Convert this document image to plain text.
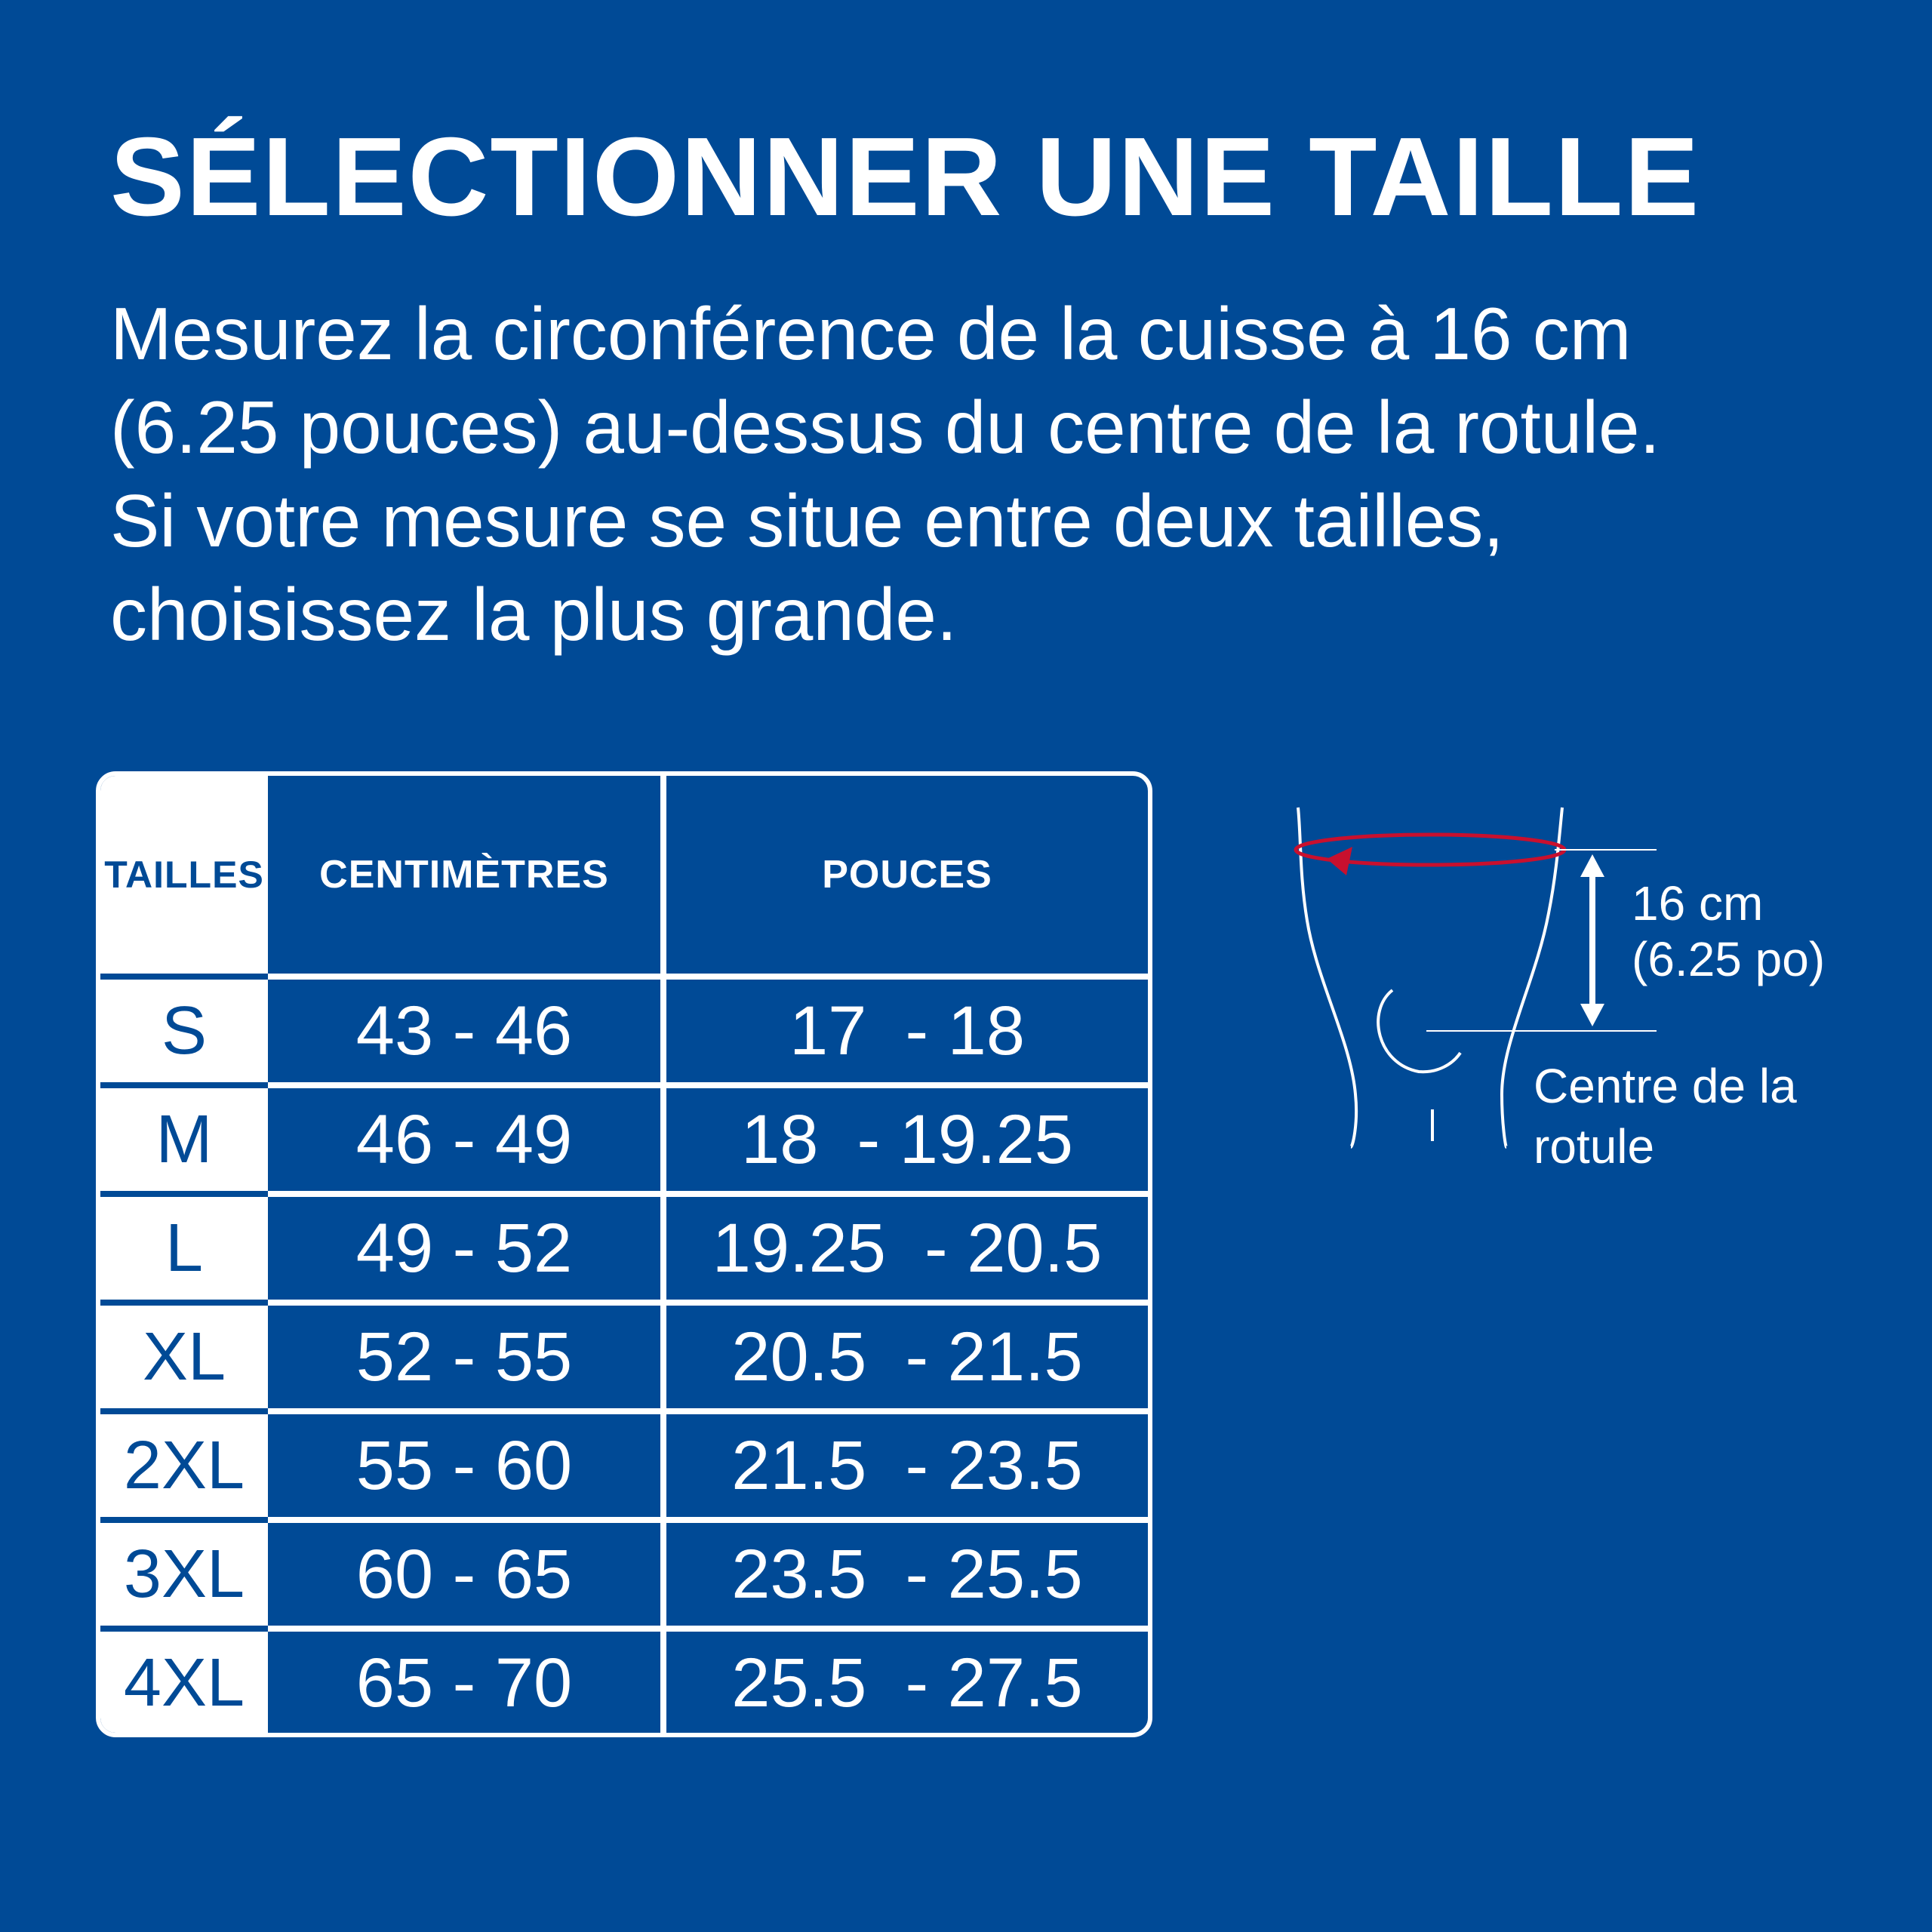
SÉLECTIONNER UNE TAILLE

Mesurez la circonférence de la cuisse à 16 cm
(6.25 pouces) au-dessus du centre de la rotule.
Si votre mesure se situe entre deux tailles,
choisissez la plus grande.

TAILLES	CENTIMÈTRES	POUCES
S	43 - 46	17  - 18
M	46 - 49	18  - 19.25
L	49 - 52	19.25  - 20.5
XL	52 - 55	20.5  - 21.5
2XL	55 - 60	21.5  - 23.5
3XL	60 - 65	23.5  - 25.5
4XL	65 - 70	25.5  - 27.5
16 cm
(6.25 po)
Centre de la
rotule
